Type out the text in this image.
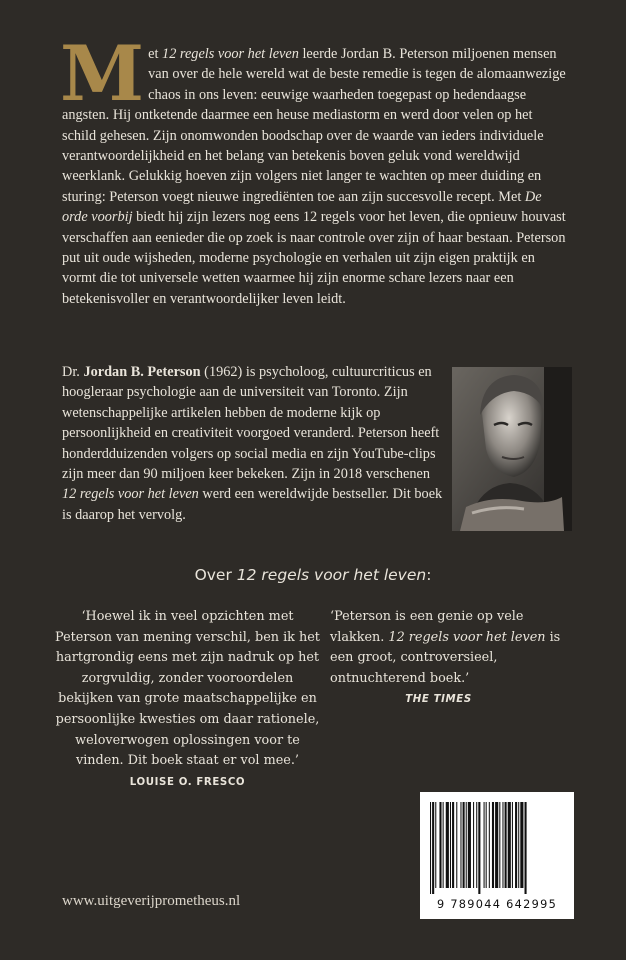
M et 12 regels voor het leven leerde Jordan B. Peterson miljoenen mensen van over de hele wereld wat de beste remedie is tegen de alomaanwezige chaos in ons leven: eeuwige waarheden toegepast op hedendaagse angsten. Hij ontketende daarmee een heuse mediastorm en werd door velen op het schild gehesen. Zijn onomwonden boodschap over de waarde van ieders individuele verantwoordelijkheid en het belang van betekenis boven geluk vond wereldwijd weerklank. Gelukkig hoeven zijn volgers niet langer te wachten op meer duiding en sturing: Peterson voegt nieuwe ingrediënten toe aan zijn succesvolle recept. Met De orde voorbij biedt hij zijn lezers nog eens 12 regels voor het leven, die opnieuw houvast verschaffen aan eenieder die op zoek is naar controle over zijn of haar bestaan. Peterson put uit oude wijsheden, moderne psychologie en verhalen uit zijn eigen praktijk en vormt die tot universele wetten waarmee hij zijn enorme schare lezers naar een betekenisvoller en verantwoordelijker leven leidt.

Dr. Jordan B. Peterson (1962) is psycholoog, cultuurcriticus en hoogleraar psychologie aan de universiteit van Toronto. Zijn wetenschappelijke artikelen hebben de moderne kijk op persoonlijkheid en creativiteit voorgoed veranderd. Peterson heeft honderdduizenden volgers op social media en zijn YouTube-clips zijn meer dan 90 miljoen keer bekeken. Zijn in 2018 verschenen 12 regels voor het leven werd een wereldwijde bestseller. Dit boek is daarop het vervolg.

Over 12 regels voor het leven:
‘Hoewel ik in veel opzichten met Peterson van mening verschil, ben ik het hartgrondig eens met zijn nadruk op het zorgvuldig, zonder vooroordelen bekijken van grote maatschappelijke en persoonlijke kwesties om daar rationele, weloverwogen oplossingen voor te vinden. Dit boek staat er vol mee.’
LOUISE O. FRESCO
‘Peterson is een genie op vele vlakken. 12 regels voor het leven is een groot, controversieel, ontnuchterend boek.’
THE TIMES
www.uitgeverijprometheus.nl	9 789044 642995
